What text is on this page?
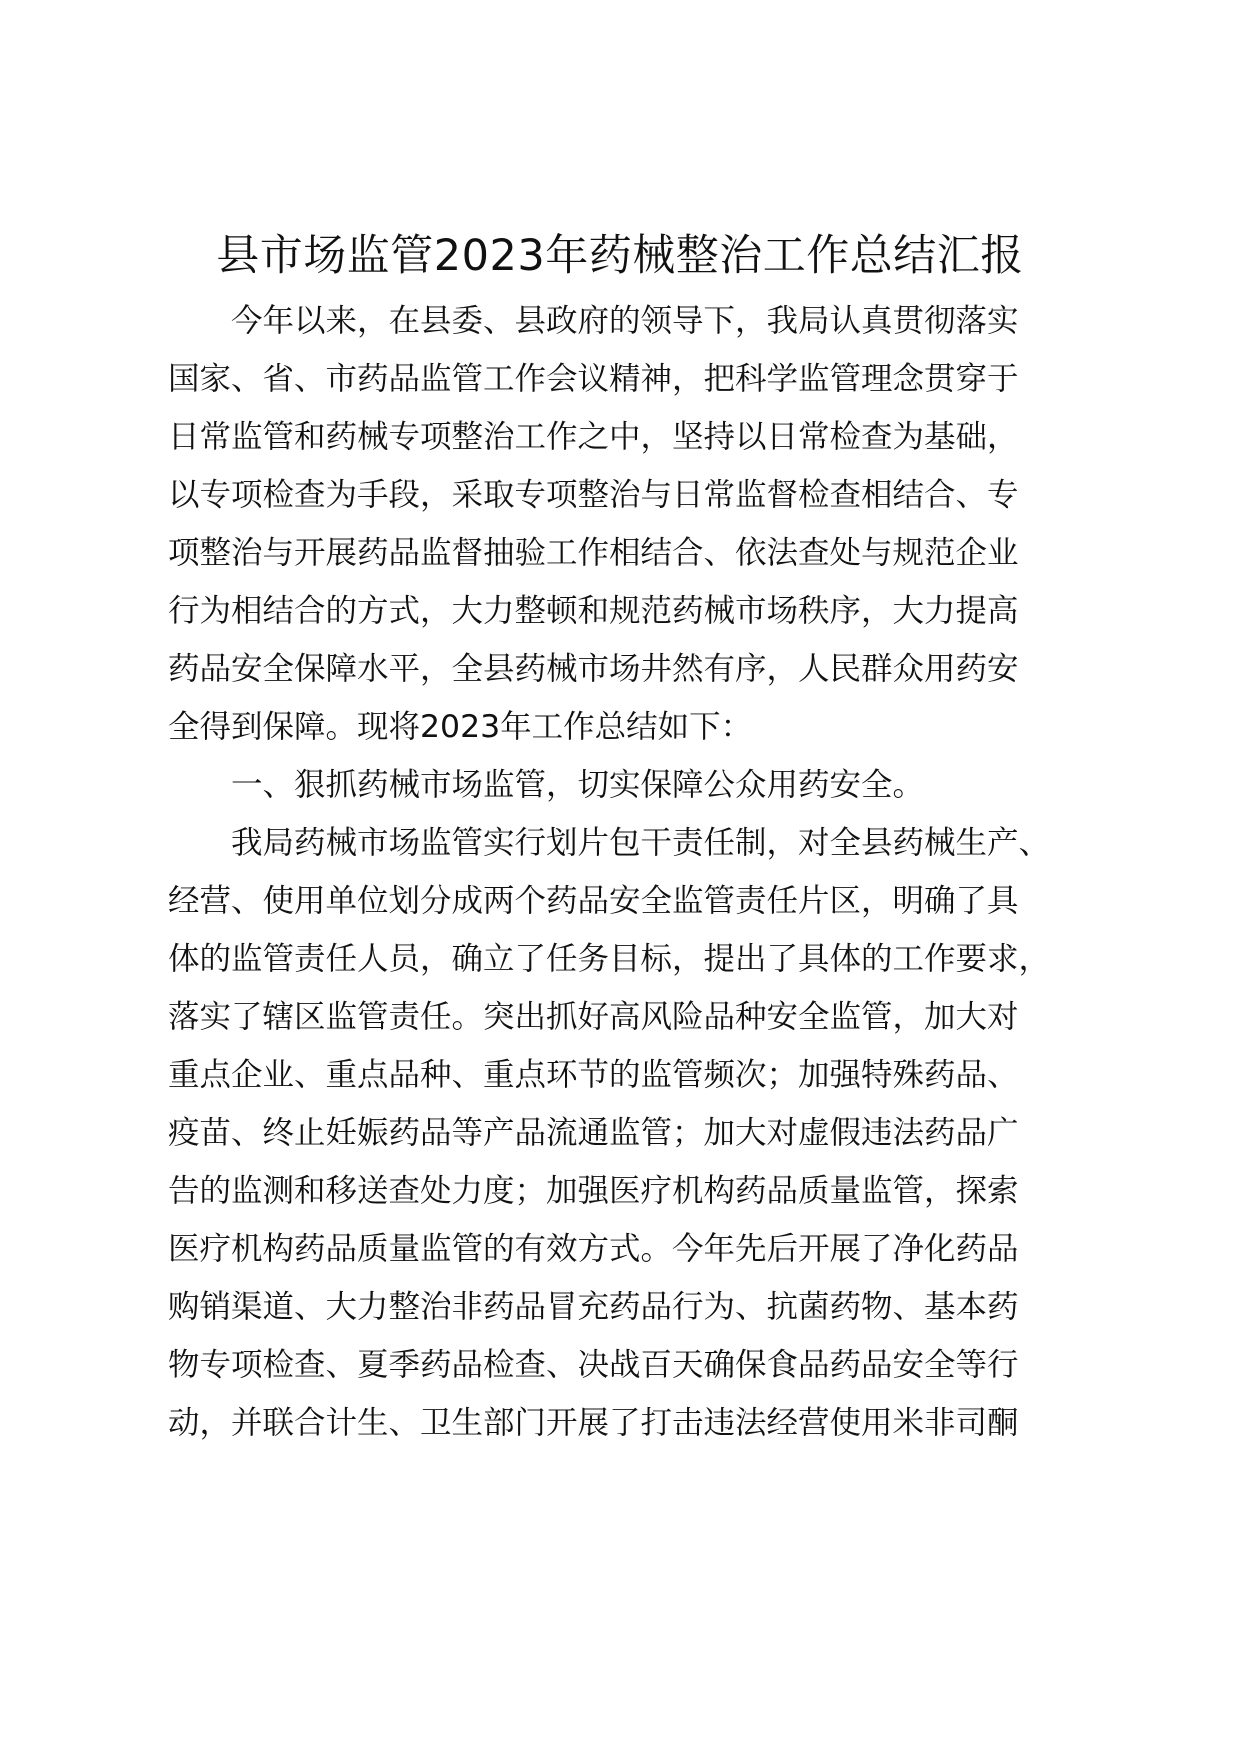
县市场监管2023年药械整治工作总结汇报
今年以来，在县委、县政府的领导下，我局认真贯彻落实
国家、省、市药品监管工作会议精神，把科学监管理念贯穿于
日常监管和药械专项整治工作之中，坚持以日常检查为基础，
以专项检查为手段，采取专项整治与日常监督检查相结合、专
项整治与开展药品监督抽验工作相结合、依法查处与规范企业
行为相结合的方式，大力整顿和规范药械市场秩序，大力提高
药品安全保障水平，全县药械市场井然有序，人民群众用药安
全得到保障。现将2023年工作总结如下：
一、狠抓药械市场监管，切实保障公众用药安全。
我局药械市场监管实行划片包干责任制，对全县药械生产、
经营、使用单位划分成两个药品安全监管责任片区，明确了具
体的监管责任人员，确立了任务目标，提出了具体的工作要求，
落实了辖区监管责任。突出抓好高风险品种安全监管，加大对
重点企业、重点品种、重点环节的监管频次；加强特殊药品、
疫苗、终止妊娠药品等产品流通监管；加大对虚假违法药品广
告的监测和移送查处力度；加强医疗机构药品质量监管，探索
医疗机构药品质量监管的有效方式。今年先后开展了净化药品
购销渠道、大力整治非药品冒充药品行为、抗菌药物、基本药
物专项检查、夏季药品检查、决战百天确保食品药品安全等行
动，并联合计生、卫生部门开展了打击违法经营使用米非司酮
